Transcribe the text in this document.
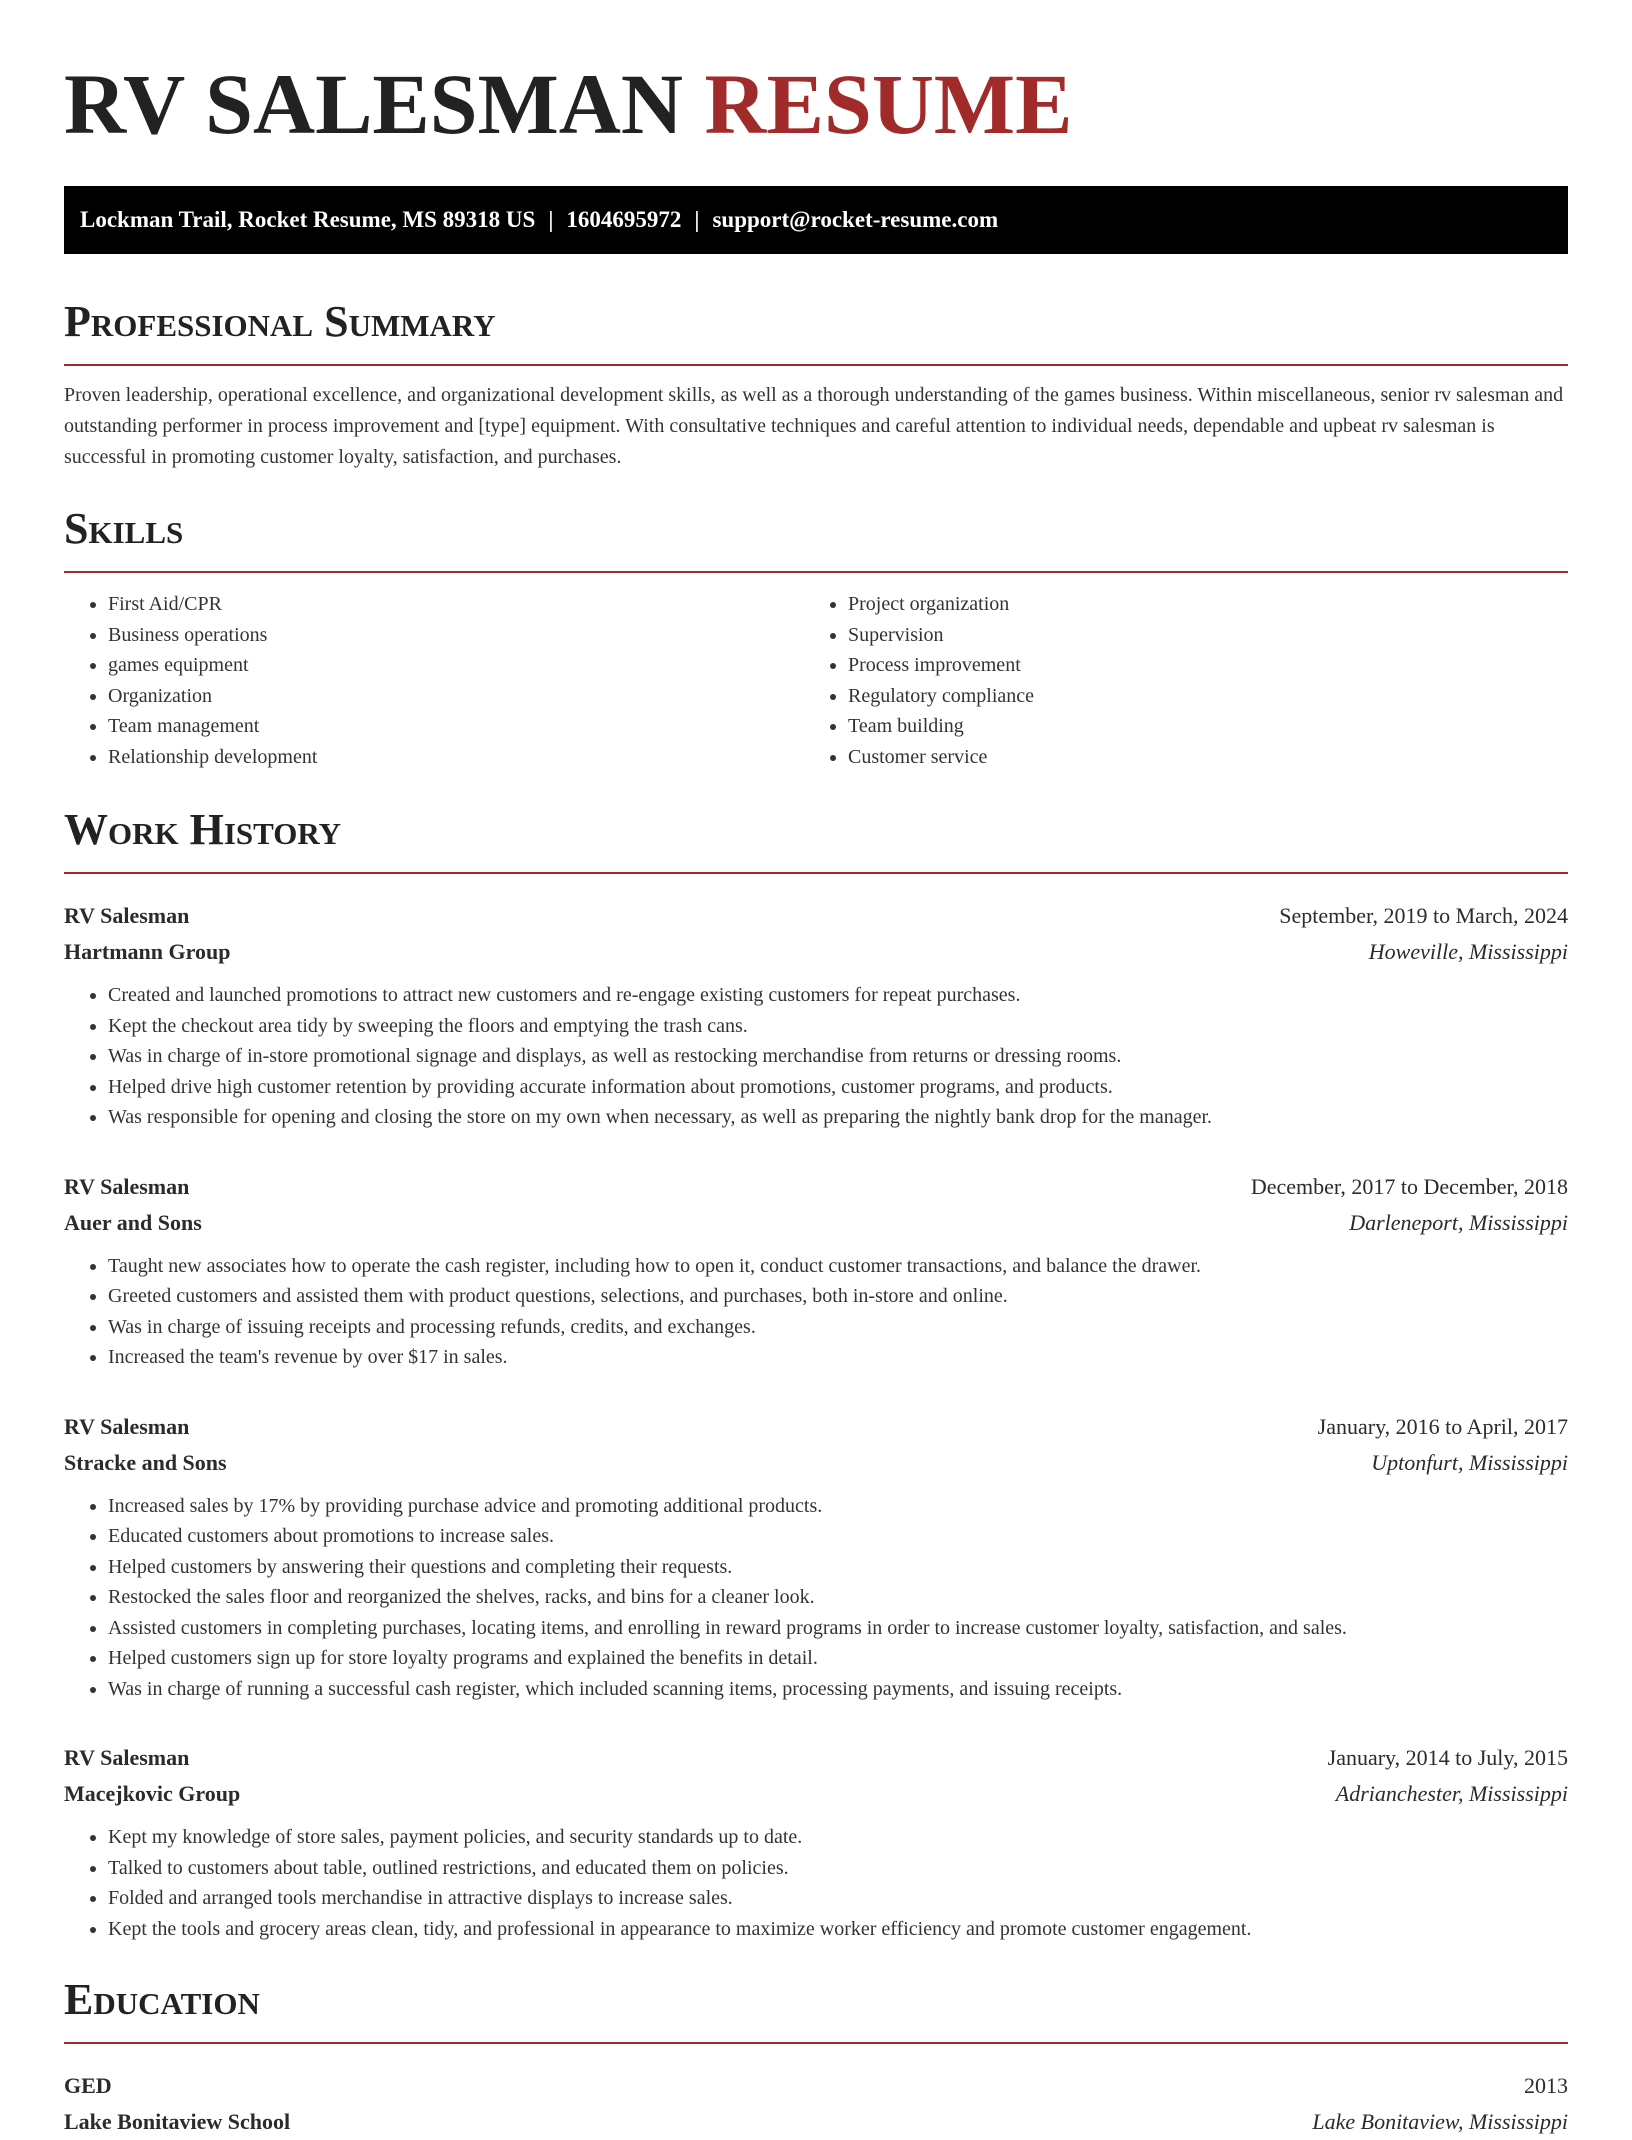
RV SALESMAN RESUME
Lockman Trail, Rocket Resume, MS 89318 US | 1604695972 | support@rocket-resume.com
Professional Summary

Proven leadership, operational excellence, and organizational development skills, as well as a thorough understanding of the games business. Within miscellaneous, senior rv salesman and outstanding performer in process improvement and [type] equipment. With consultative techniques and careful attention to individual needs, dependable and upbeat rv salesman is successful in promoting customer loyalty, satisfaction, and purchases.

Skills
• First Aid/CPR
• Business operations
• games equipment
• Organization
• Team management
• Relationship development
• Project organization
• Supervision
• Process improvement
• Regulatory compliance
• Team building
• Customer service
Work History
RV Salesman	September, 2019 to March, 2024
Hartmann Group	Howeville, Mississippi
• Created and launched promotions to attract new customers and re-engage existing customers for repeat purchases.
• Kept the checkout area tidy by sweeping the floors and emptying the trash cans.
• Was in charge of in-store promotional signage and displays, as well as restocking merchandise from returns or dressing rooms.
• Helped drive high customer retention by providing accurate information about promotions, customer programs, and products.
• Was responsible for opening and closing the store on my own when necessary, as well as preparing the nightly bank drop for the manager.
RV Salesman	December, 2017 to December, 2018
Auer and Sons	Darleneport, Mississippi
• Taught new associates how to operate the cash register, including how to open it, conduct customer transactions, and balance the drawer.
• Greeted customers and assisted them with product questions, selections, and purchases, both in-store and online.
• Was in charge of issuing receipts and processing refunds, credits, and exchanges.
• Increased the team's revenue by over $17 in sales.
RV Salesman	January, 2016 to April, 2017
Stracke and Sons	Uptonfurt, Mississippi
• Increased sales by 17% by providing purchase advice and promoting additional products.
• Educated customers about promotions to increase sales.
• Helped customers by answering their questions and completing their requests.
• Restocked the sales floor and reorganized the shelves, racks, and bins for a cleaner look.
• Assisted customers in completing purchases, locating items, and enrolling in reward programs in order to increase customer loyalty, satisfaction, and sales.
• Helped customers sign up for store loyalty programs and explained the benefits in detail.
• Was in charge of running a successful cash register, which included scanning items, processing payments, and issuing receipts.
RV Salesman	January, 2014 to July, 2015
Macejkovic Group	Adrianchester, Mississippi
• Kept my knowledge of store sales, payment policies, and security standards up to date.
• Talked to customers about table, outlined restrictions, and educated them on policies.
• Folded and arranged tools merchandise in attractive displays to increase sales.
• Kept the tools and grocery areas clean, tidy, and professional in appearance to maximize worker efficiency and promote customer engagement.
Education
GED	2013
Lake Bonitaview School	Lake Bonitaview, Mississippi
